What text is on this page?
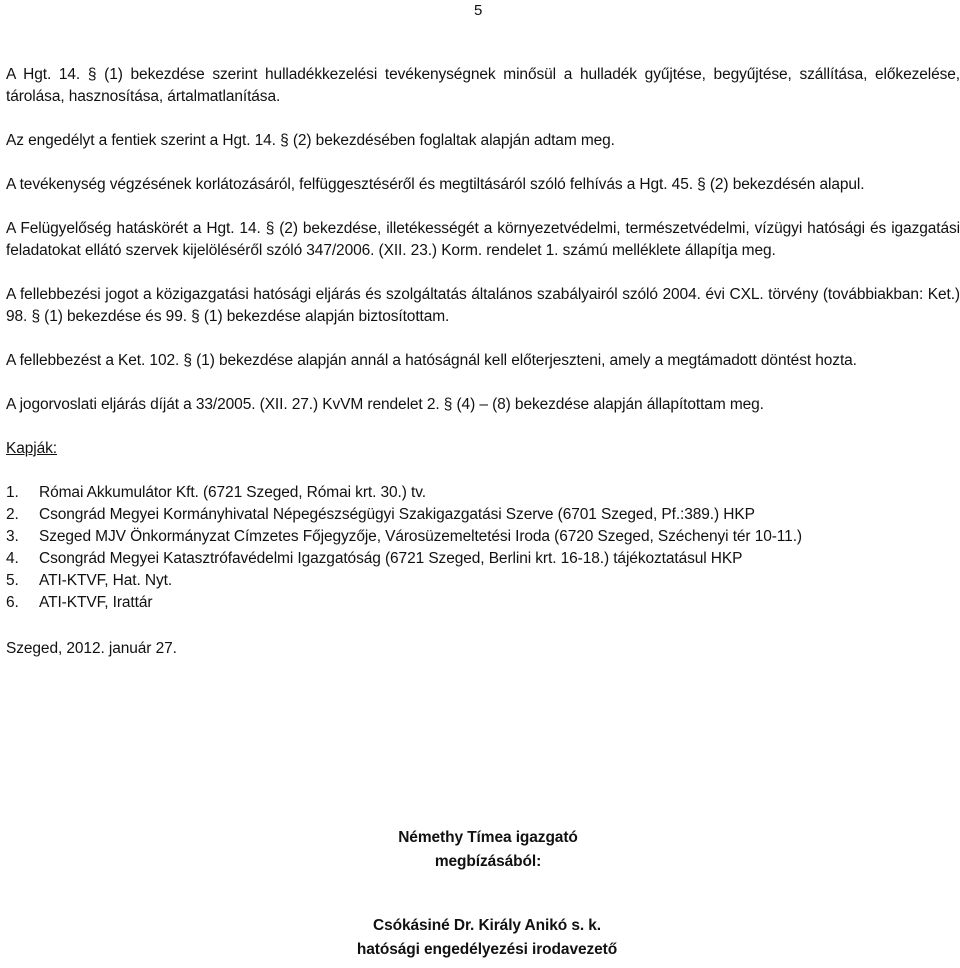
5

A Hgt. 14. § (1) bekezdése szerint hulladékkezelési tevékenységnek minősül a hulladék gyűjtése, begyűjtése, szállítása, előkezelése, tárolása, hasznosítása, ártalmatlanítása.

Az engedélyt a fentiek szerint a Hgt. 14. § (2) bekezdésében foglaltak alapján adtam meg.

A tevékenység végzésének korlátozásáról, felfüggesztéséről és megtiltásáról szóló felhívás a Hgt. 45. § (2) bekezdésén alapul.

A Felügyelőség hatáskörét a Hgt. 14. § (2) bekezdése, illetékességét a környezetvédelmi, természetvédelmi, vízügyi hatósági és igazgatási feladatokat ellátó szervek kijelöléséről szóló 347/2006. (XII. 23.) Korm. rendelet 1. számú melléklete állapítja meg.

A fellebbezési jogot a közigazgatási hatósági eljárás és szolgáltatás általános szabályairól szóló 2004. évi CXL. törvény (továbbiakban: Ket.) 98. § (1) bekezdése és 99. § (1) bekezdése alapján biztosítottam.

A fellebbezést a Ket. 102. § (1) bekezdése alapján annál a hatóságnál kell előterjeszteni, amely a megtámadott döntést hozta.

A jogorvoslati eljárás díját a 33/2005. (XII. 27.) KvVM rendelet 2. § (4) – (8) bekezdése alapján állapítottam meg.

Kapják:

1.	Római Akkumulátor Kft. (6721 Szeged, Római krt. 30.) tv.
2.	Csongrád Megyei Kormányhivatal Népegészségügyi Szakigazgatási Szerve (6701 Szeged, Pf.:389.) HKP
3.	Szeged MJV Önkormányzat Címzetes Főjegyzője, Városüzemeltetési Iroda (6720 Szeged, Széchenyi tér 10-11.)
4.	Csongrád Megyei Katasztrófavédelmi Igazgatóság (6721 Szeged, Berlini krt. 16-18.) tájékoztatásul HKP
5.	ATI-KTVF, Hat. Nyt.
6.	ATI-KTVF, Irattár

Szeged, 2012. január 27.

Némethy Tímea igazgató
megbízásából:
Csókásiné Dr. Király Anikó s. k.
hatósági engedélyezési irodavezető
